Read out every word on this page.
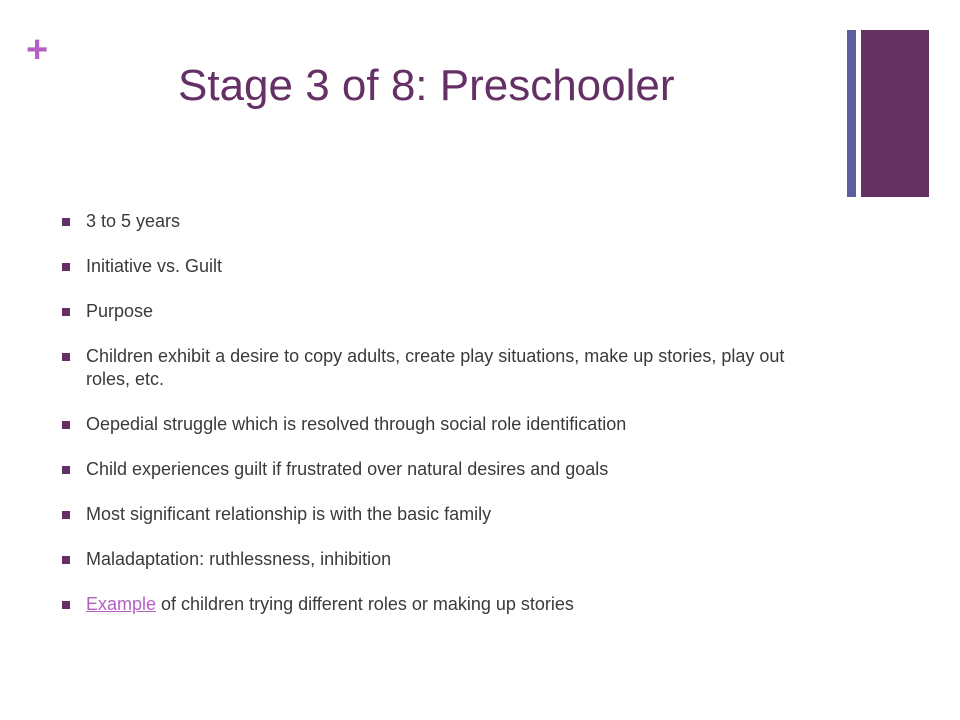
+
Stage 3 of 8: Preschooler
3 to 5 years
Initiative vs. Guilt
Purpose
Children exhibit a desire to copy adults, create play situations, make up stories, play out roles, etc.
Oepedial struggle which is resolved through social role identification
Child experiences guilt if frustrated over natural desires and goals
Most significant relationship is with the basic family
Maladaptation: ruthlessness, inhibition
Example of children trying different roles or making up stories
